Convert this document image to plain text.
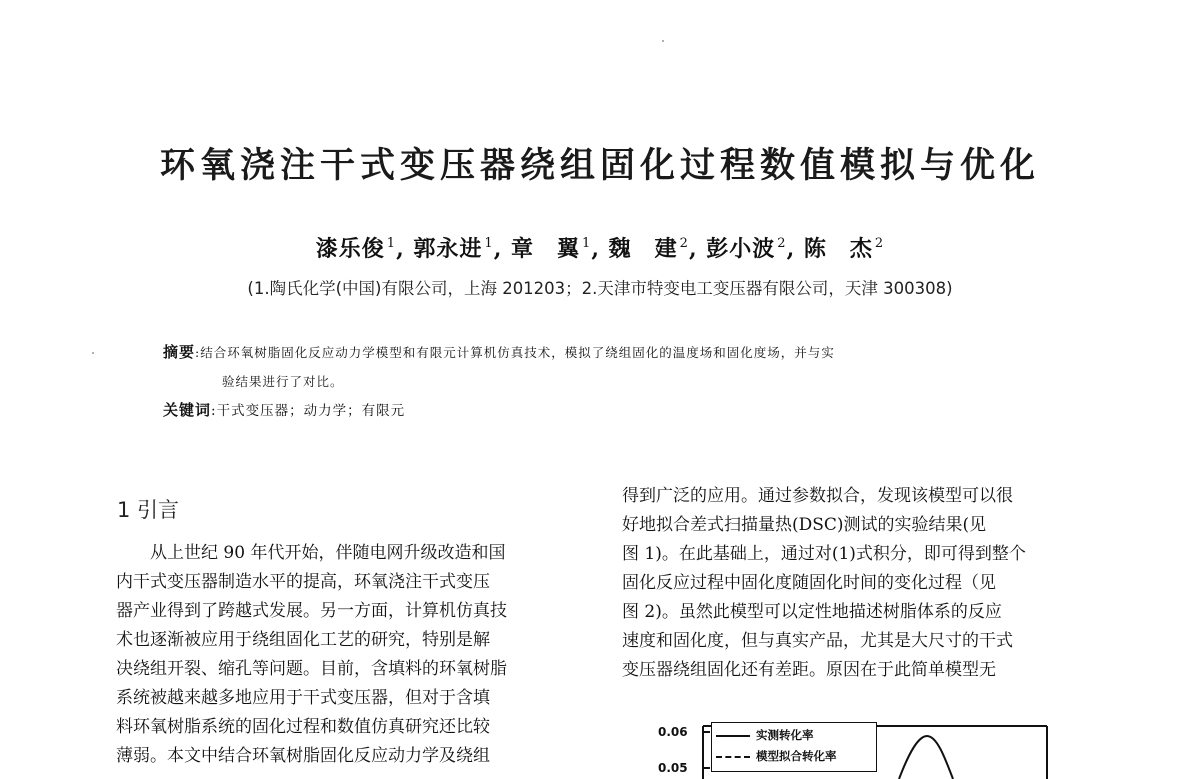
环氧浇注干式变压器绕组固化过程数值模拟与优化
漆乐俊 $^1$, 郭永进 $^1$, 章　翼 $^1$, 魏　建 $^2$, 彭小波 $^2$, 陈　杰 $^2$
(1.陶氏化学(中国)有限公司，上海 201203；2.天津市特变电工变压器有限公司，天津 300308)
摘要:结合环氧树脂固化反应动力学模型和有限元计算机仿真技术，模拟了绕组固化的温度场和固化度场，并与实
验结果进行了对比。
关键词:干式变压器；动力学；有限元
1 引言
从上世纪 90 年代开始，伴随电网升级改造和国
内干式变压器制造水平的提高，环氧浇注干式变压
器产业得到了跨越式发展。另一方面，计算机仿真技
术也逐渐被应用于绕组固化工艺的研究，特别是解
决绕组开裂、缩孔等问题。目前，含填料的环氧树脂
系统被越来越多地应用于干式变压器，但对于含填
料环氧树脂系统的固化过程和数值仿真研究还比较
薄弱。本文中结合环氧树脂固化反应动力学及绕组
得到广泛的应用。通过参数拟合，发现该模型可以很
好地拟合差式扫描量热(DSC)测试的实验结果(见
图 1)。在此基础上，通过对(1)式积分，即可得到整个
固化反应过程中固化度随固化时间的变化过程（见
图 2)。虽然此模型可以定性地描述树脂体系的反应
速度和固化度，但与真实产品，尤其是大尺寸的干式
变压器绕组固化还有差距。原因在于此简单模型无
0.06
0.05
实测转化率
模型拟合转化率
